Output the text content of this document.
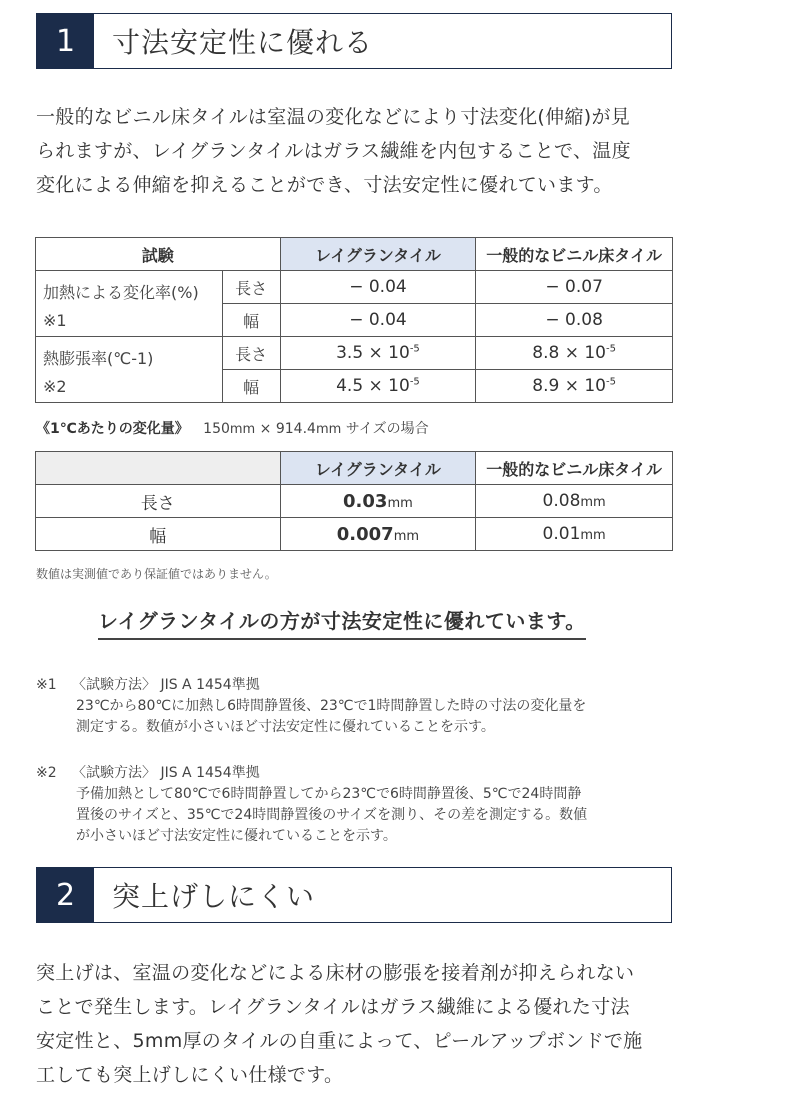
1	寸法安定性に優れる

一般的なビニル床タイルは室温の変化などにより寸法変化(伸縮)が見

られますが、レイグランタイルはガラス繊維を内包することで、温度

変化による伸縮を抑えることができ、寸法安定性に優れています。

試験		レイグランタイル	一般的なビニル床タイル

加熱による変化率(%)
※1	長さ	− 0.04	− 0.07
	幅	− 0.04	− 0.08

熱膨張率(℃-1)
※2	長さ	$3.5 \times 10^{-5}$	$8.8 \times 10^{-5}$
	幅	$4.5 \times 10^{-5}$	$8.9 \times 10^{-5}$
《1℃あたりの変化量》 150mm × 914.4mm サイズの場合
	レイグランタイル	一般的なビニル床タイル
長さ	0.03mm	0.08mm
幅	0.007mm	0.01mm
数値は実測値であり保証値ではありません。
レイグランタイルの方が寸法安定性に優れています。
※1 〈試験方法〉 JIS A 1454準拠

23℃から80℃に加熱し6時間静置後、23℃で1時間静置した時の寸法の変化量を

測定する。数値が小さいほど寸法安定性に優れていることを示す。

※2 〈試験方法〉 JIS A 1454準拠

予備加熱として80℃で6時間静置してから23℃で6時間静置後、5℃で24時間静

置後のサイズと、35℃で24時間静置後のサイズを測り、その差を測定する。数値

が小さいほど寸法安定性に優れていることを示す。

2	突上げしにくい

突上げは、室温の変化などによる床材の膨張を接着剤が抑えられない

ことで発生します。レイグランタイルはガラス繊維による優れた寸法

安定性と、5mm厚のタイルの自重によって、ピールアップボンドで施

工しても突上げしにくい仕様です。
